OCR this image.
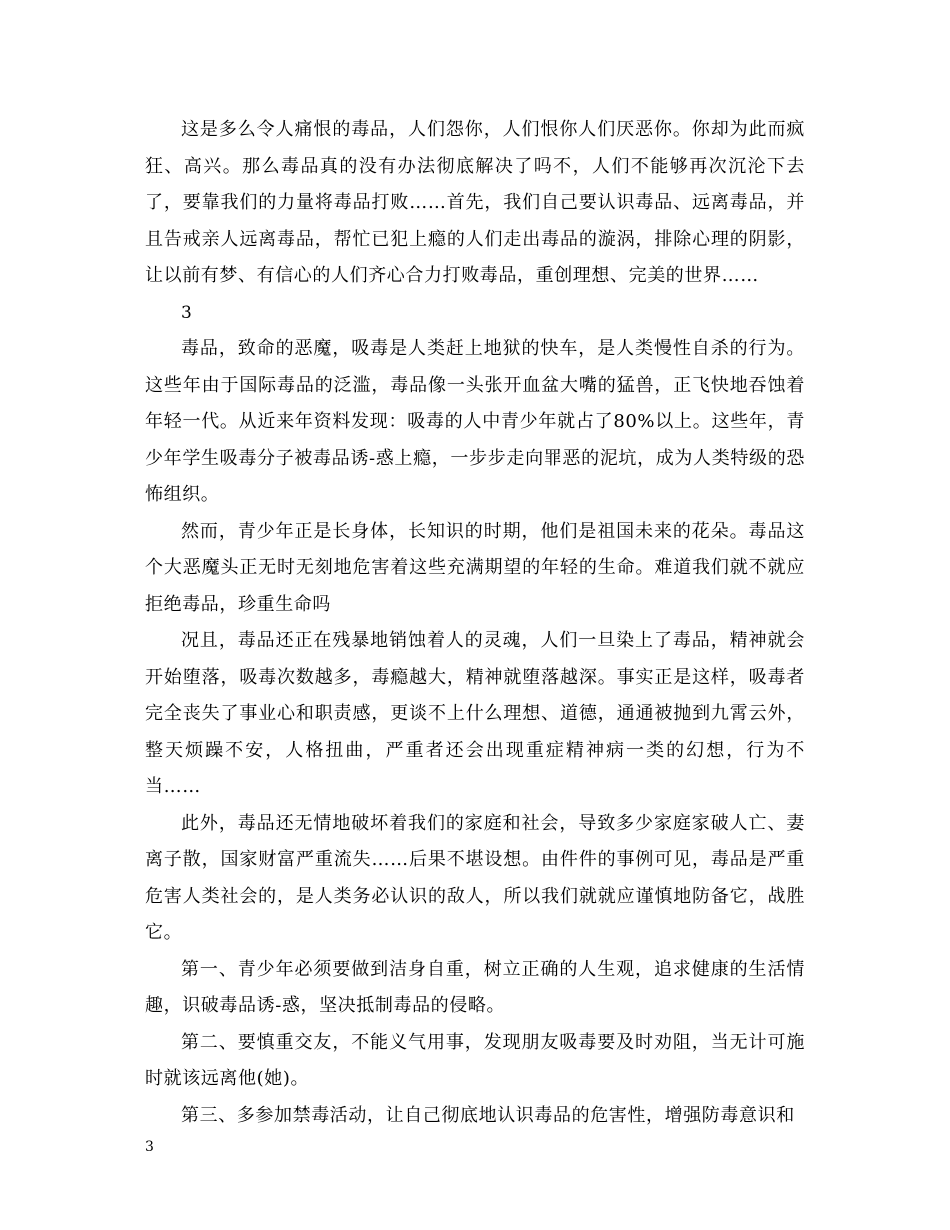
这是多么令人痛恨的毒品，人们怨你，人们恨你人们厌恶你。你却为此而疯狂、高兴。那么毒品真的没有办法彻底解决了吗不，人们不能够再次沉沦下去了，要靠我们的力量将毒品打败……首先，我们自己要认识毒品、远离毒品，并且告戒亲人远离毒品，帮忙已犯上瘾的人们走出毒品的漩涡，排除心理的阴影，让以前有梦、有信心的人们齐心合力打败毒品，重创理想、完美的世界……

3

毒品，致命的恶魔，吸毒是人类赶上地狱的快车，是人类慢性自杀的行为。这些年由于国际毒品的泛滥，毒品像一头张开血盆大嘴的猛兽，正飞快地吞蚀着年轻一代。从近来年资料发现：吸毒的人中青少年就占了80%以上。这些年，青少年学生吸毒分子被毒品诱-惑上瘾，一步步走向罪恶的泥坑，成为人类特级的恐怖组织。

然而，青少年正是长身体，长知识的时期，他们是祖国未来的花朵。毒品这个大恶魔头正无时无刻地危害着这些充满期望的年轻的生命。难道我们就不就应拒绝毒品，珍重生命吗

况且，毒品还正在残暴地销蚀着人的灵魂，人们一旦染上了毒品，精神就会开始堕落，吸毒次数越多，毒瘾越大，精神就堕落越深。事实正是这样，吸毒者完全丧失了事业心和职责感，更谈不上什么理想、道德，通通被抛到九霄云外，整天烦躁不安，人格扭曲，严重者还会出现重症精神病一类的幻想，行为不当……

此外，毒品还无情地破坏着我们的家庭和社会，导致多少家庭家破人亡、妻离子散，国家财富严重流失……后果不堪设想。由件件的事例可见，毒品是严重危害人类社会的，是人类务必认识的敌人，所以我们就就应谨慎地防备它，战胜它。

第一、青少年必须要做到洁身自重，树立正确的人生观，追求健康的生活情趣，识破毒品诱-惑，坚决抵制毒品的侵略。

第二、要慎重交友，不能义气用事，发现朋友吸毒要及时劝阻，当无计可施时就该远离他(她)。

第三、多参加禁毒活动，让自己彻底地认识毒品的危害性，增强防毒意识和

3
